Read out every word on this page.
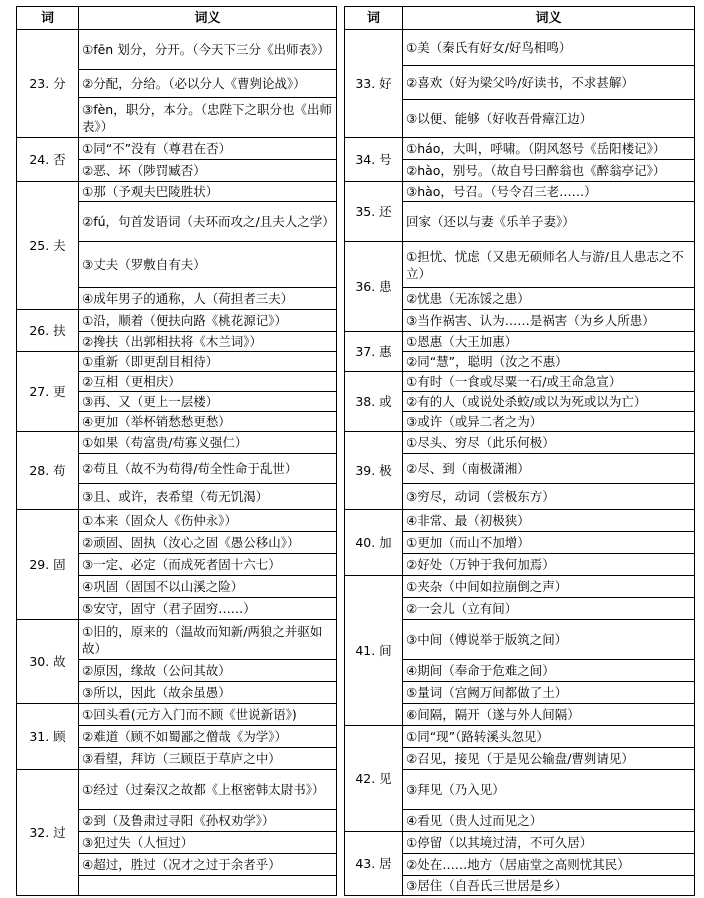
词	词义
23. 分	①fēn 划分，分开。（今天下三分《出师表》）
	②分配，分给。（必以分人《曹刿论战》）
	③fèn，职分，本分。（忠陛下之职分也《出师表》）
24. 否	①同“不”没有（尊君在否）
	②恶、坏（陟罚臧否）
25. 夫	①那（予观夫巴陵胜状）
	②fú，句首发语词（夫环而攻之/且夫人之学）
	③丈夫（罗敷自有夫）
	④成年男子的通称，人（荷担者三夫）
26. 扶	①沿，顺着（便扶向路《桃花源记》）
	②搀扶（出郭相扶将《木兰词》）
27. 更	①重新（即更刮目相待）
	②互相（更相庆）
	③再、又（更上一层楼）
	④更加（举杯销愁愁更愁）
28. 苟	①如果（苟富贵/苟寡义强仁）
	②苟且（故不为苟得/苟全性命于乱世）
	③且、或许，表希望（苟无饥渴）
29. 固	①本来（固众人《伤仲永》）
	②顽固、固执（汝心之固《愚公移山》）
	③一定、必定（而成死者固十六七）
	④巩固（固国不以山溪之险）
	⑤安守，固守（君子固穷……）
30. 故	①旧的，原来的（温故而知新/两狼之并驱如故）
	②原因，缘故（公问其故）
	③所以，因此（故余虽愚）
31. 顾	①回头看(元方入门而不顾《世说新语》)
	②难道（顾不如蜀鄙之僧哉《为学》）
	③看望，拜访（三顾臣于草庐之中）
32. 过	①经过（过秦汉之故都《上枢密韩太尉书》）
	②到（及鲁肃过寻阳《孙权劝学》）
	③犯过失（人恒过）
	④超过，胜过（况才之过于余者乎）

词	词义
33. 好	①美（秦氏有好女/好鸟相鸣）
	②喜欢（好为梁父吟/好读书，不求甚解）
	③以便、能够（好收吾骨瘴江边）
34. 号	①háo，大叫，呼啸。（阴风怒号《岳阳楼记》）
	②hào，别号。（故自号曰醉翁也《醉翁亭记》）
35. 还	③hào，号召。（号令召三老……）
	回家（还以与妻《乐羊子妻》）
36. 患	①担忧、忧虑（又患无硕师名人与游/且人患志之不立）
	②忧患（无冻馁之患）
	③当作祸害、认为……是祸害（为乡人所患）
37. 惠	①恩惠（大王加惠）
	②同“慧”，聪明（汝之不惠）
38. 或	①有时（一食或尽粟一石/或王命急宣）
	②有的人（或说处杀蛟/或以为死或以为亡）
	③或许（或异二者之为）
39. 极	①尽头、穷尽（此乐何极）
	②尽、到（南极潇湘）
	③穷尽，动词（尝极东方）
40. 加	④非常、最（初极狭）
	①更加（而山不加增）
	②好处（万钟于我何加焉）
41. 间	①夹杂（中间如拉崩倒之声）
	②一会儿（立有间）
	③中间（傅说举于版筑之间）
	④期间（奉命于危难之间）
	⑤量词（宫阙万间都做了土）
	⑥间隔，隔开（遂与外人间隔）
42. 见	①同“现”（路转溪头忽见）
	②召见，接见（于是见公输盘/曹刿请见）
	③拜见（乃入见）
	④看见（贵人过而见之）
43. 居	①停留（以其境过清，不可久居）
	②处在……地方（居庙堂之高则忧其民）
	③居住（自吾氏三世居是乡）
